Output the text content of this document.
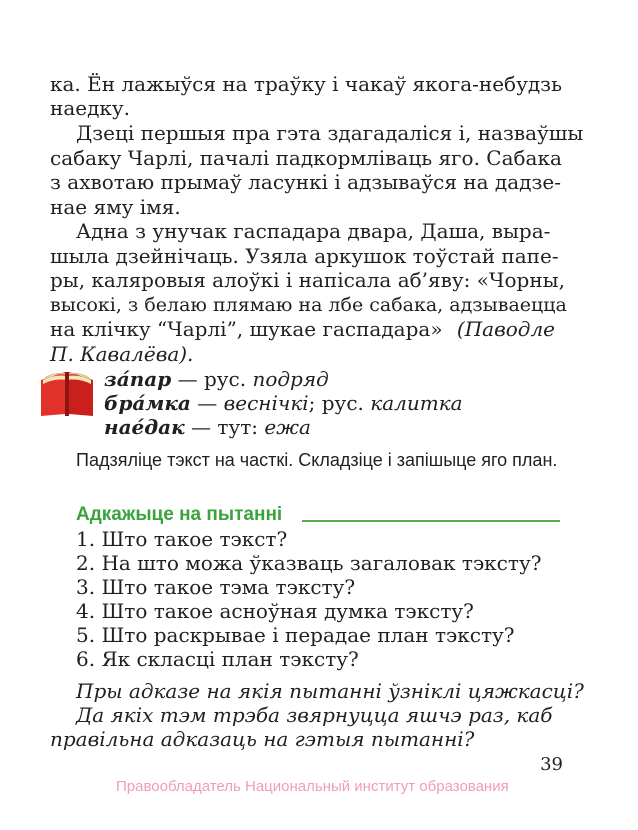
ка. Ён лажыўся на траўку і чакаў якога-небудзь
наедку.
Дзеці першыя пра гэта здагадаліся і, назваўшы
сабаку Чарлі, пачалі падкормліваць яго. Сабака
з ахвотаю прымаў ласункі і адзываўся на дадзе-
нае яму імя.
Адна з унучак гаспадара двара, Даша, выра-
шыла дзейнічаць. Узяла аркушок тоўстай папе-
ры, каляровыя алоўкі і напісала аб’яву: «Чорны,
высокі, з белаю плямаю на лбе сабака, адзываецца
на клічку “Чарлі”, шукае гаспадара» (Паводле
П. Кавалёва).
за́пар — рус. подряд
бра́мка — веснічкі; рус. калитка
нае́дак — тут: ежа
Падзяліце тэкст на часткі. Складзіце і запішыце яго план.
Адкажыце на пытанні
1. Што такое тэкст?
2. На што можа ўказваць загаловак тэксту?
3. Што такое тэма тэксту?
4. Што такое асноўная думка тэксту?
5. Што раскрывае і перадае план тэксту?
6. Як скласці план тэксту?
Пры адказе на якія пытанні ўзніклі цяжкасці?
Да якіх тэм трэба звярнуцца яшчэ раз, каб
правільна адказаць на гэтыя пытанні?
39
Правообладатель Национальный институт образования
